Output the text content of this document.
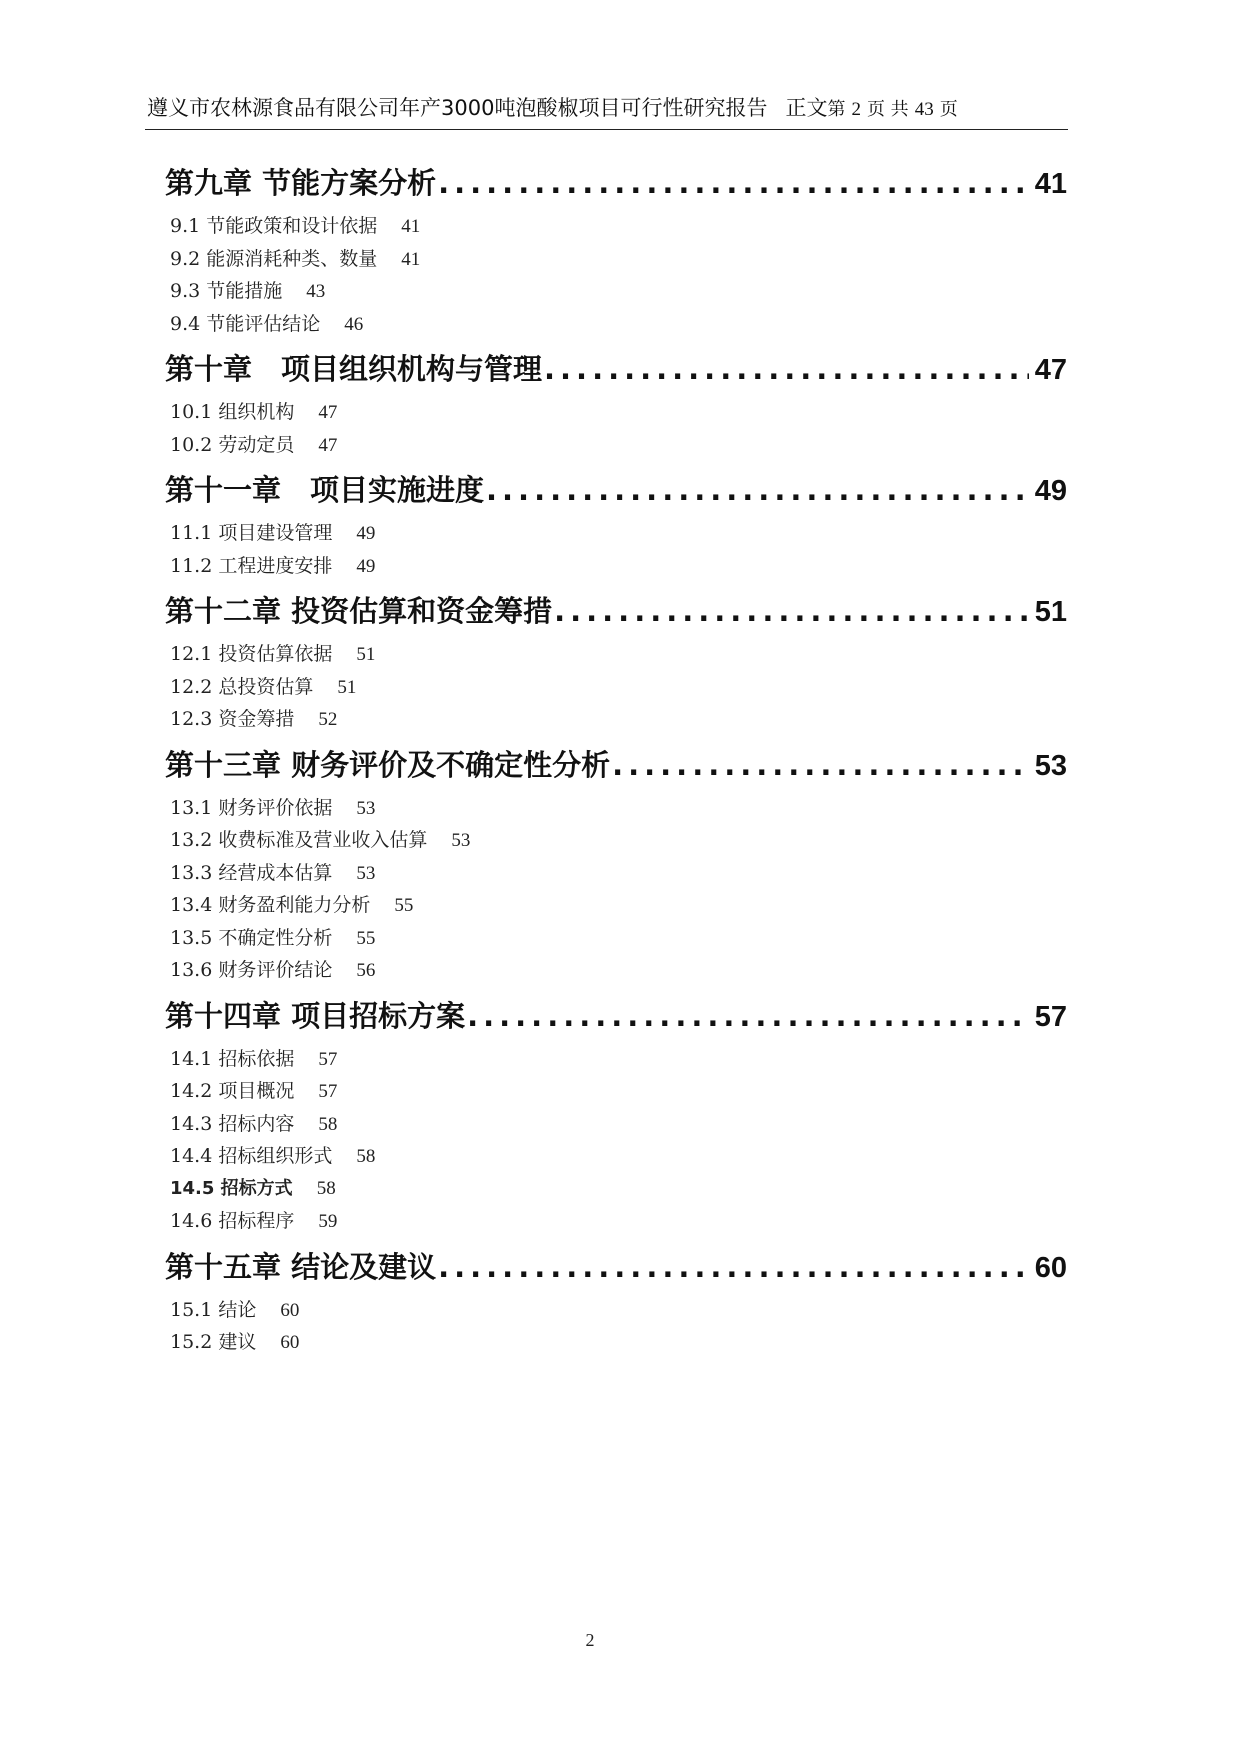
遵义市农林源食品有限公司年产3000吨泡酸椒项目可行性研究报告 正文第 2 页 共 43 页
第九章 节能方案分析 .....	41
9.1 节能政策和设计依据 41
9.2 能源消耗种类、数量 41
9.3 节能措施 43
9.4 节能评估结论 46
第十章　项目组织机构与管理 .....	47
10.1 组织机构 47
10.2 劳动定员 47
第十一章　项目实施进度 .....	49
11.1 项目建设管理 49
11.2 工程进度安排 49
第十二章 投资估算和资金筹措 .....	51
12.1 投资估算依据 51
12.2 总投资估算 51
12.3 资金筹措 52
第十三章 财务评价及不确定性分析 .....	53
13.1 财务评价依据 53
13.2 收费标准及营业收入估算 53
13.3 经营成本估算 53
13.4 财务盈利能力分析 55
13.5 不确定性分析 55
13.6 财务评价结论 56
第十四章 项目招标方案 .....	57
14.1 招标依据 57
14.2 项目概况 57
14.3 招标内容 58
14.4 招标组织形式 58
14.5 招标方式 58
14.6 招标程序 59
第十五章 结论及建议 .....	60
15.1 结论 60
15.2 建议 60
2
